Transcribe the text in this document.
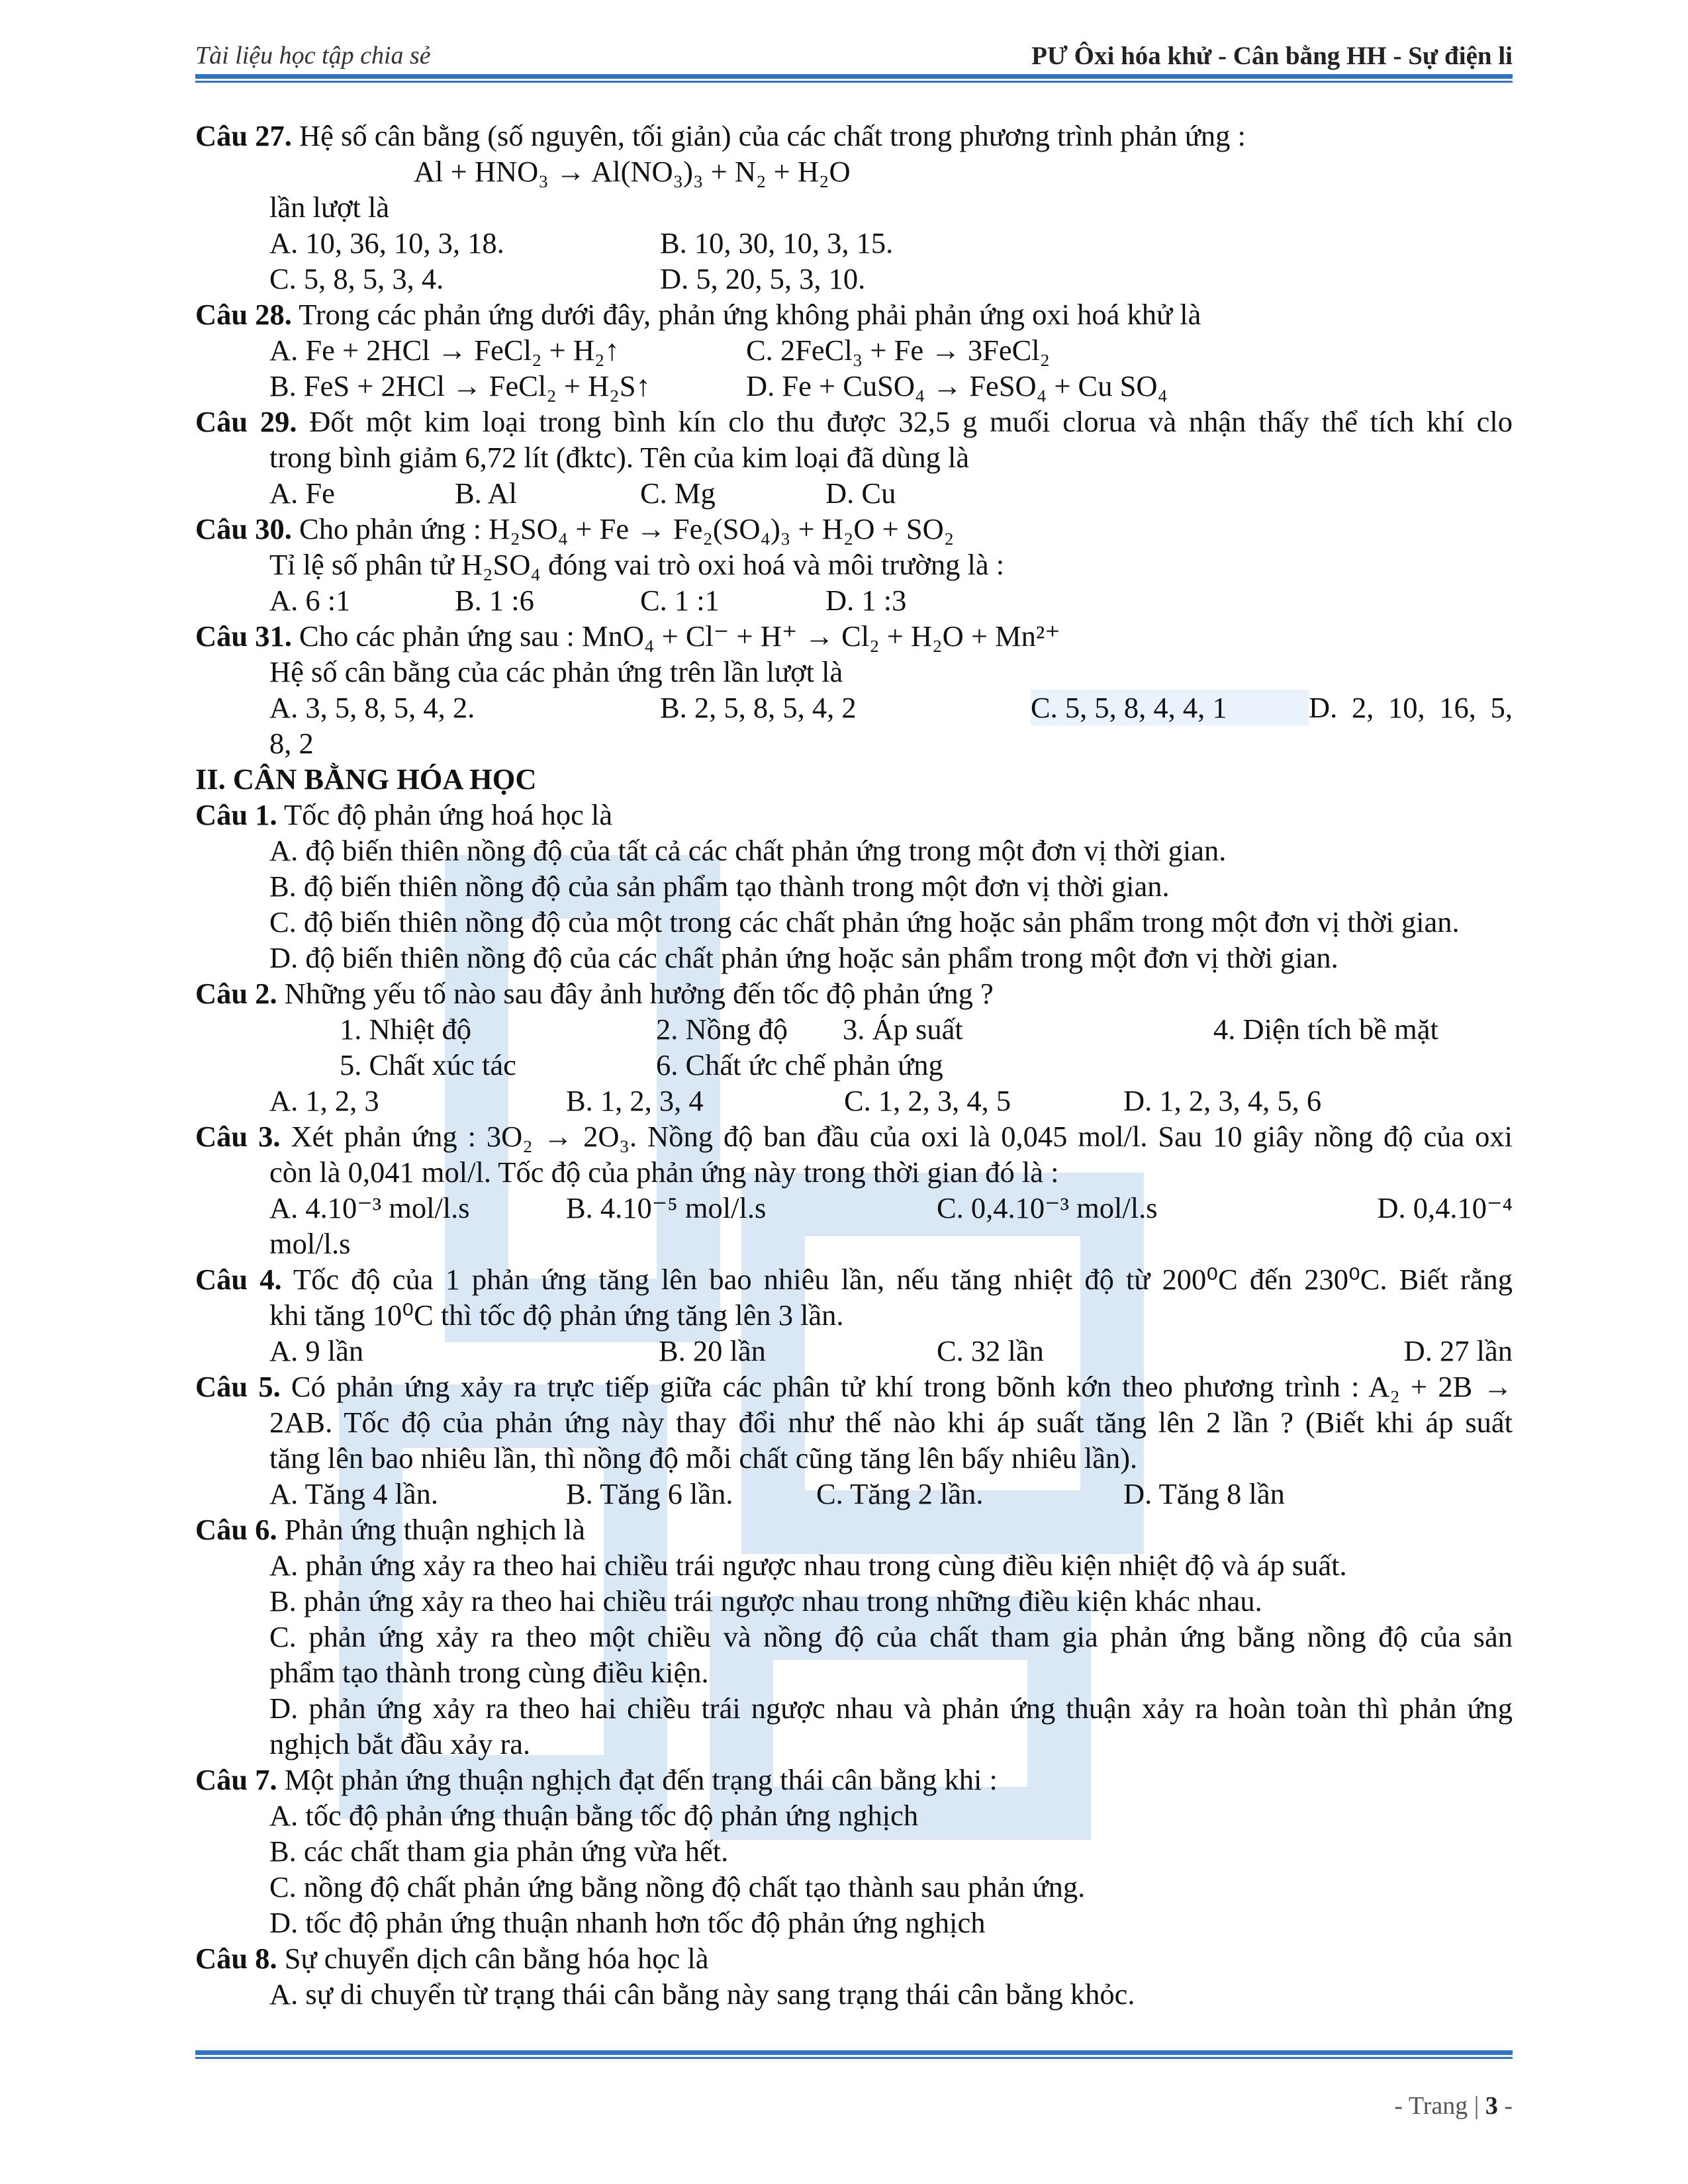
Tài liệu học tập chia sẻ	PƯ Ôxi hóa khử - Cân bằng HH - Sự điện li

Câu 27. Hệ số cân bằng (số nguyên, tối giản) của các chất trong phương trình phản ứng :

Al + HNO₃ → Al(NO₃)₃ + N₂ + H₂O

lần lượt là

A. 10, 36, 10, 3, 18.	B. 10, 30, 10, 3, 15.
C. 5, 8, 5, 3, 4.	D. 5, 20, 5, 3, 10.

Câu 28. Trong các phản ứng dưới đây, phản ứng không phải phản ứng oxi hoá khử là

A. Fe + 2HCl → FeCl₂ + H₂↑	C. 2FeCl₃ + Fe → 3FeCl₂
B. FeS + 2HCl → FeCl₂ + H₂S↑	D. Fe + CuSO₄ → FeSO₄ + Cu SO₄

Câu 29. Đốt một kim loại trong bình kín clo thu được 32,5 g muối clorua và nhận thấy thể tích khí clo

trong bình giảm 6,72 lít (đktc). Tên của kim loại đã dùng là

A. Fe	B. Al	C. Mg	D. Cu

Câu 30. Cho phản ứng : H₂SO₄ + Fe → Fe₂(SO₄)₃ + H₂O + SO₂

Tỉ lệ số phân tử H₂SO₄ đóng vai trò oxi hoá và môi trường là :

A. 6 :1	B. 1 :6	C. 1 :1	D. 1 :3

Câu 31. Cho các phản ứng sau : MnO₄ + Cl⁻ + H⁺ → Cl₂ + H₂O + Mn²⁺

Hệ số cân bằng của các phản ứng trên lần lượt là

A. 3, 5, 8, 5, 4, 2.	B. 2, 5, 8, 5, 4, 2	C. 5, 5, 8, 4, 4, 1	D. 2, 10, 16, 5,

8, 2

II. CÂN BẰNG HÓA HỌC

Câu 1. Tốc độ phản ứng hoá học là

A. độ biến thiên nồng độ của tất cả các chất phản ứng trong một đơn vị thời gian.

B. độ biến thiên nồng độ của sản phẩm tạo thành trong một đơn vị thời gian.

C. độ biến thiên nồng độ của một trong các chất phản ứng hoặc sản phẩm trong một đơn vị thời gian.

D. độ biến thiên nồng độ của các chất phản ứng hoặc sản phẩm trong một đơn vị thời gian.

Câu 2. Những yếu tố nào sau đây ảnh hưởng đến tốc độ phản ứng ?

1. Nhiệt độ	2. Nồng độ	3. Áp suất	4. Diện tích bề mặt
5. Chất xúc tác	6. Chất ức chế phản ứng
A. 1, 2, 3	B. 1, 2, 3, 4	C. 1, 2, 3, 4, 5	D. 1, 2, 3, 4, 5, 6

Câu 3. Xét phản ứng : 3O₂ → 2O₃. Nồng độ ban đầu của oxi là 0,045 mol/l. Sau 10 giây nồng độ của oxi

còn là 0,041 mol/l. Tốc độ của phản ứng này trong thời gian đó là :

A. 4.10⁻³ mol/l.s	B. 4.10⁻⁵ mol/l.s	C. 0,4.10⁻³ mol/l.s	D. 0,4.10⁻⁴

mol/l.s

Câu 4. Tốc độ của 1 phản ứng tăng lên bao nhiêu lần, nếu tăng nhiệt độ từ 200⁰C đến 230⁰C. Biết rằng

khi tăng 10⁰C thì tốc độ phản ứng tăng lên 3 lần.

A. 9 lần	B. 20 lần	C. 32 lần	D. 27 lần

Câu 5. Có phản ứng xảy ra trực tiếp giữa các phân tử khí trong bõnh kớn theo phương trình : A₂ + 2B →

2AB. Tốc độ của phản ứng này thay đổi như thế nào khi áp suất tăng lên 2 lần ? (Biết khi áp suất

tăng lên bao nhiêu lần, thì nồng độ mỗi chất cũng tăng lên bấy nhiêu lần).

A. Tăng 4 lần.	B. Tăng 6 lần.	C. Tăng 2 lần.	D. Tăng 8 lần

Câu 6. Phản ứng thuận nghịch là

A. phản ứng xảy ra theo hai chiều trái ngược nhau trong cùng điều kiện nhiệt độ và áp suất.

B. phản ứng xảy ra theo hai chiều trái ngược nhau trong những điều kiện khác nhau.

C. phản ứng xảy ra theo một chiều và nồng độ của chất tham gia phản ứng bằng nồng độ của sản

phẩm tạo thành trong cùng điều kiện.

D. phản ứng xảy ra theo hai chiều trái ngược nhau và phản ứng thuận xảy ra hoàn toàn thì phản ứng

nghịch bắt đầu xảy ra.

Câu 7. Một phản ứng thuận nghịch đạt đến trạng thái cân bằng khi :

A. tốc độ phản ứng thuận bằng tốc độ phản ứng nghịch

B. các chất tham gia phản ứng vừa hết.

C. nồng độ chất phản ứng bằng nồng độ chất tạo thành sau phản ứng.

D. tốc độ phản ứng thuận nhanh hơn tốc độ phản ứng nghịch

Câu 8. Sự chuyển dịch cân bằng hóa học là

A. sự di chuyển từ trạng thái cân bằng này sang trạng thái cân bằng khỏc.

- Trang | 3 -
